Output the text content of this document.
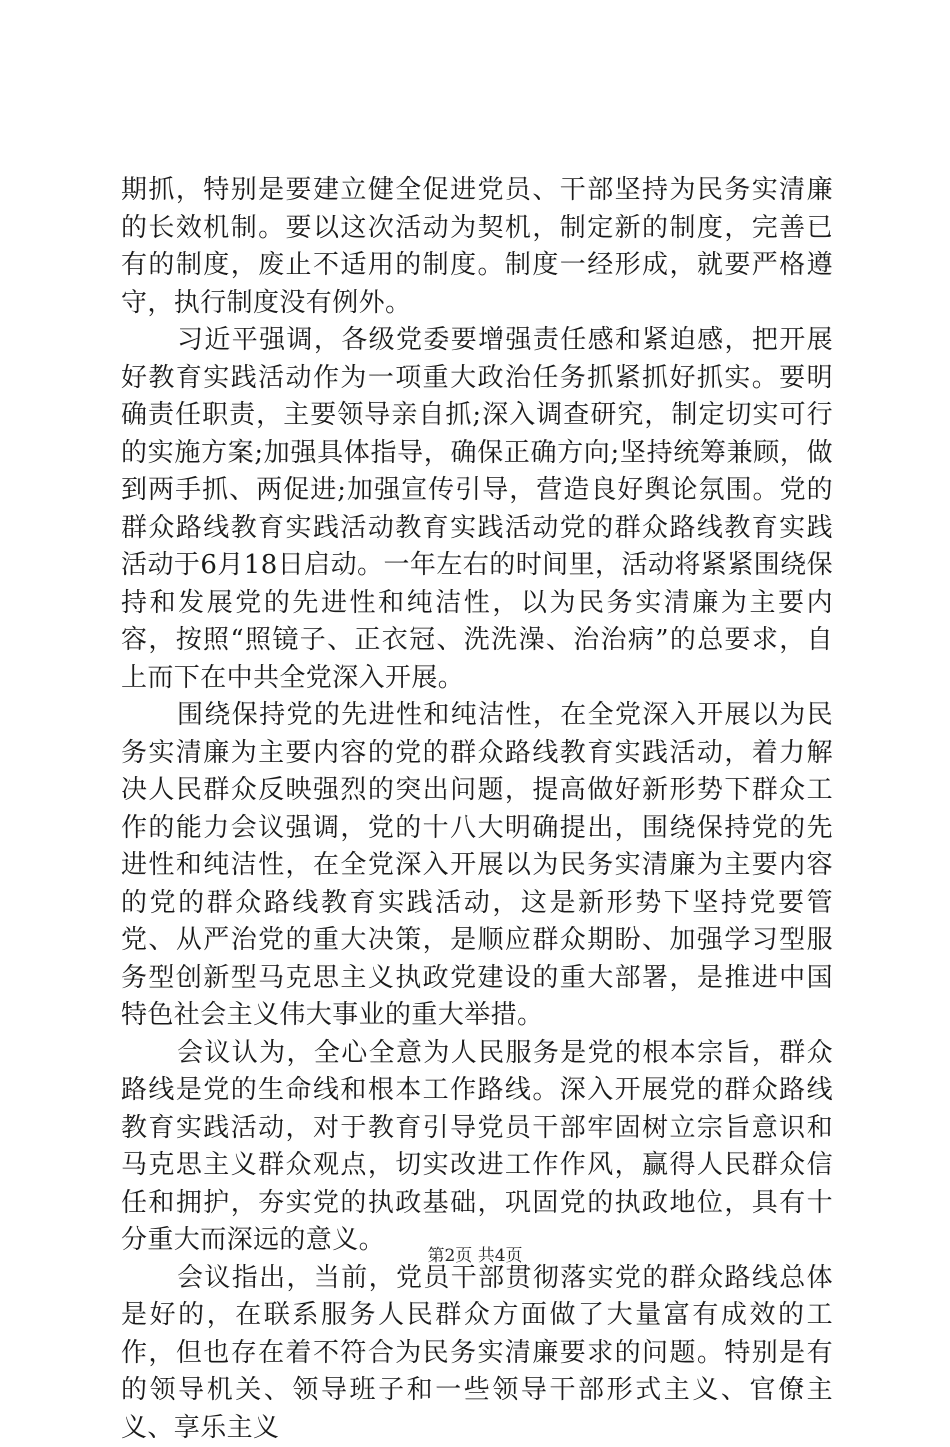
期抓，特别是要建立健全促进党员、干部坚持为民务实清廉的长效机制。要以这次活动为契机，制定新的制度，完善已有的制度，废止不适用的制度。制度一经形成，就要严格遵守，执行制度没有例外。

习近平强调，各级党委要增强责任感和紧迫感，把开展好教育实践活动作为一项重大政治任务抓紧抓好抓实。要明确责任职责，主要领导亲自抓;深入调查研究，制定切实可行的实施方案;加强具体指导，确保正确方向;坚持统筹兼顾，做到两手抓、两促进;加强宣传引导，营造良好舆论氛围。党的群众路线教育实践活动教育实践活动党的群众路线教育实践活动于6月18日启动。一年左右的时间里，活动将紧紧围绕保持和发展党的先进性和纯洁性，以为民务实清廉为主要内容，按照“照镜子、正衣冠、洗洗澡、治治病”的总要求，自上而下在中共全党深入开展。

围绕保持党的先进性和纯洁性，在全党深入开展以为民务实清廉为主要内容的党的群众路线教育实践活动，着力解决人民群众反映强烈的突出问题，提高做好新形势下群众工作的能力会议强调，党的十八大明确提出，围绕保持党的先进性和纯洁性，在全党深入开展以为民务实清廉为主要内容的党的群众路线教育实践活动，这是新形势下坚持党要管党、从严治党的重大决策，是顺应群众期盼、加强学习型服务型创新型马克思主义执政党建设的重大部署，是推进中国特色社会主义伟大事业的重大举措。

会议认为，全心全意为人民服务是党的根本宗旨，群众路线是党的生命线和根本工作路线。深入开展党的群众路线教育实践活动，对于教育引导党员干部牢固树立宗旨意识和马克思主义群众观点，切实改进工作作风，赢得人民群众信任和拥护，夯实党的执政基础，巩固党的执政地位，具有十分重大而深远的意义。

会议指出，当前，党员干部贯彻落实党的群众路线总体是好的，在联系服务人民群众方面做了大量富有成效的工作，但也存在着不符合为民务实清廉要求的问题。特别是有的领导机关、领导班子和一些领导干部形式主义、官僚主义、享乐主义

第2页 共4页
